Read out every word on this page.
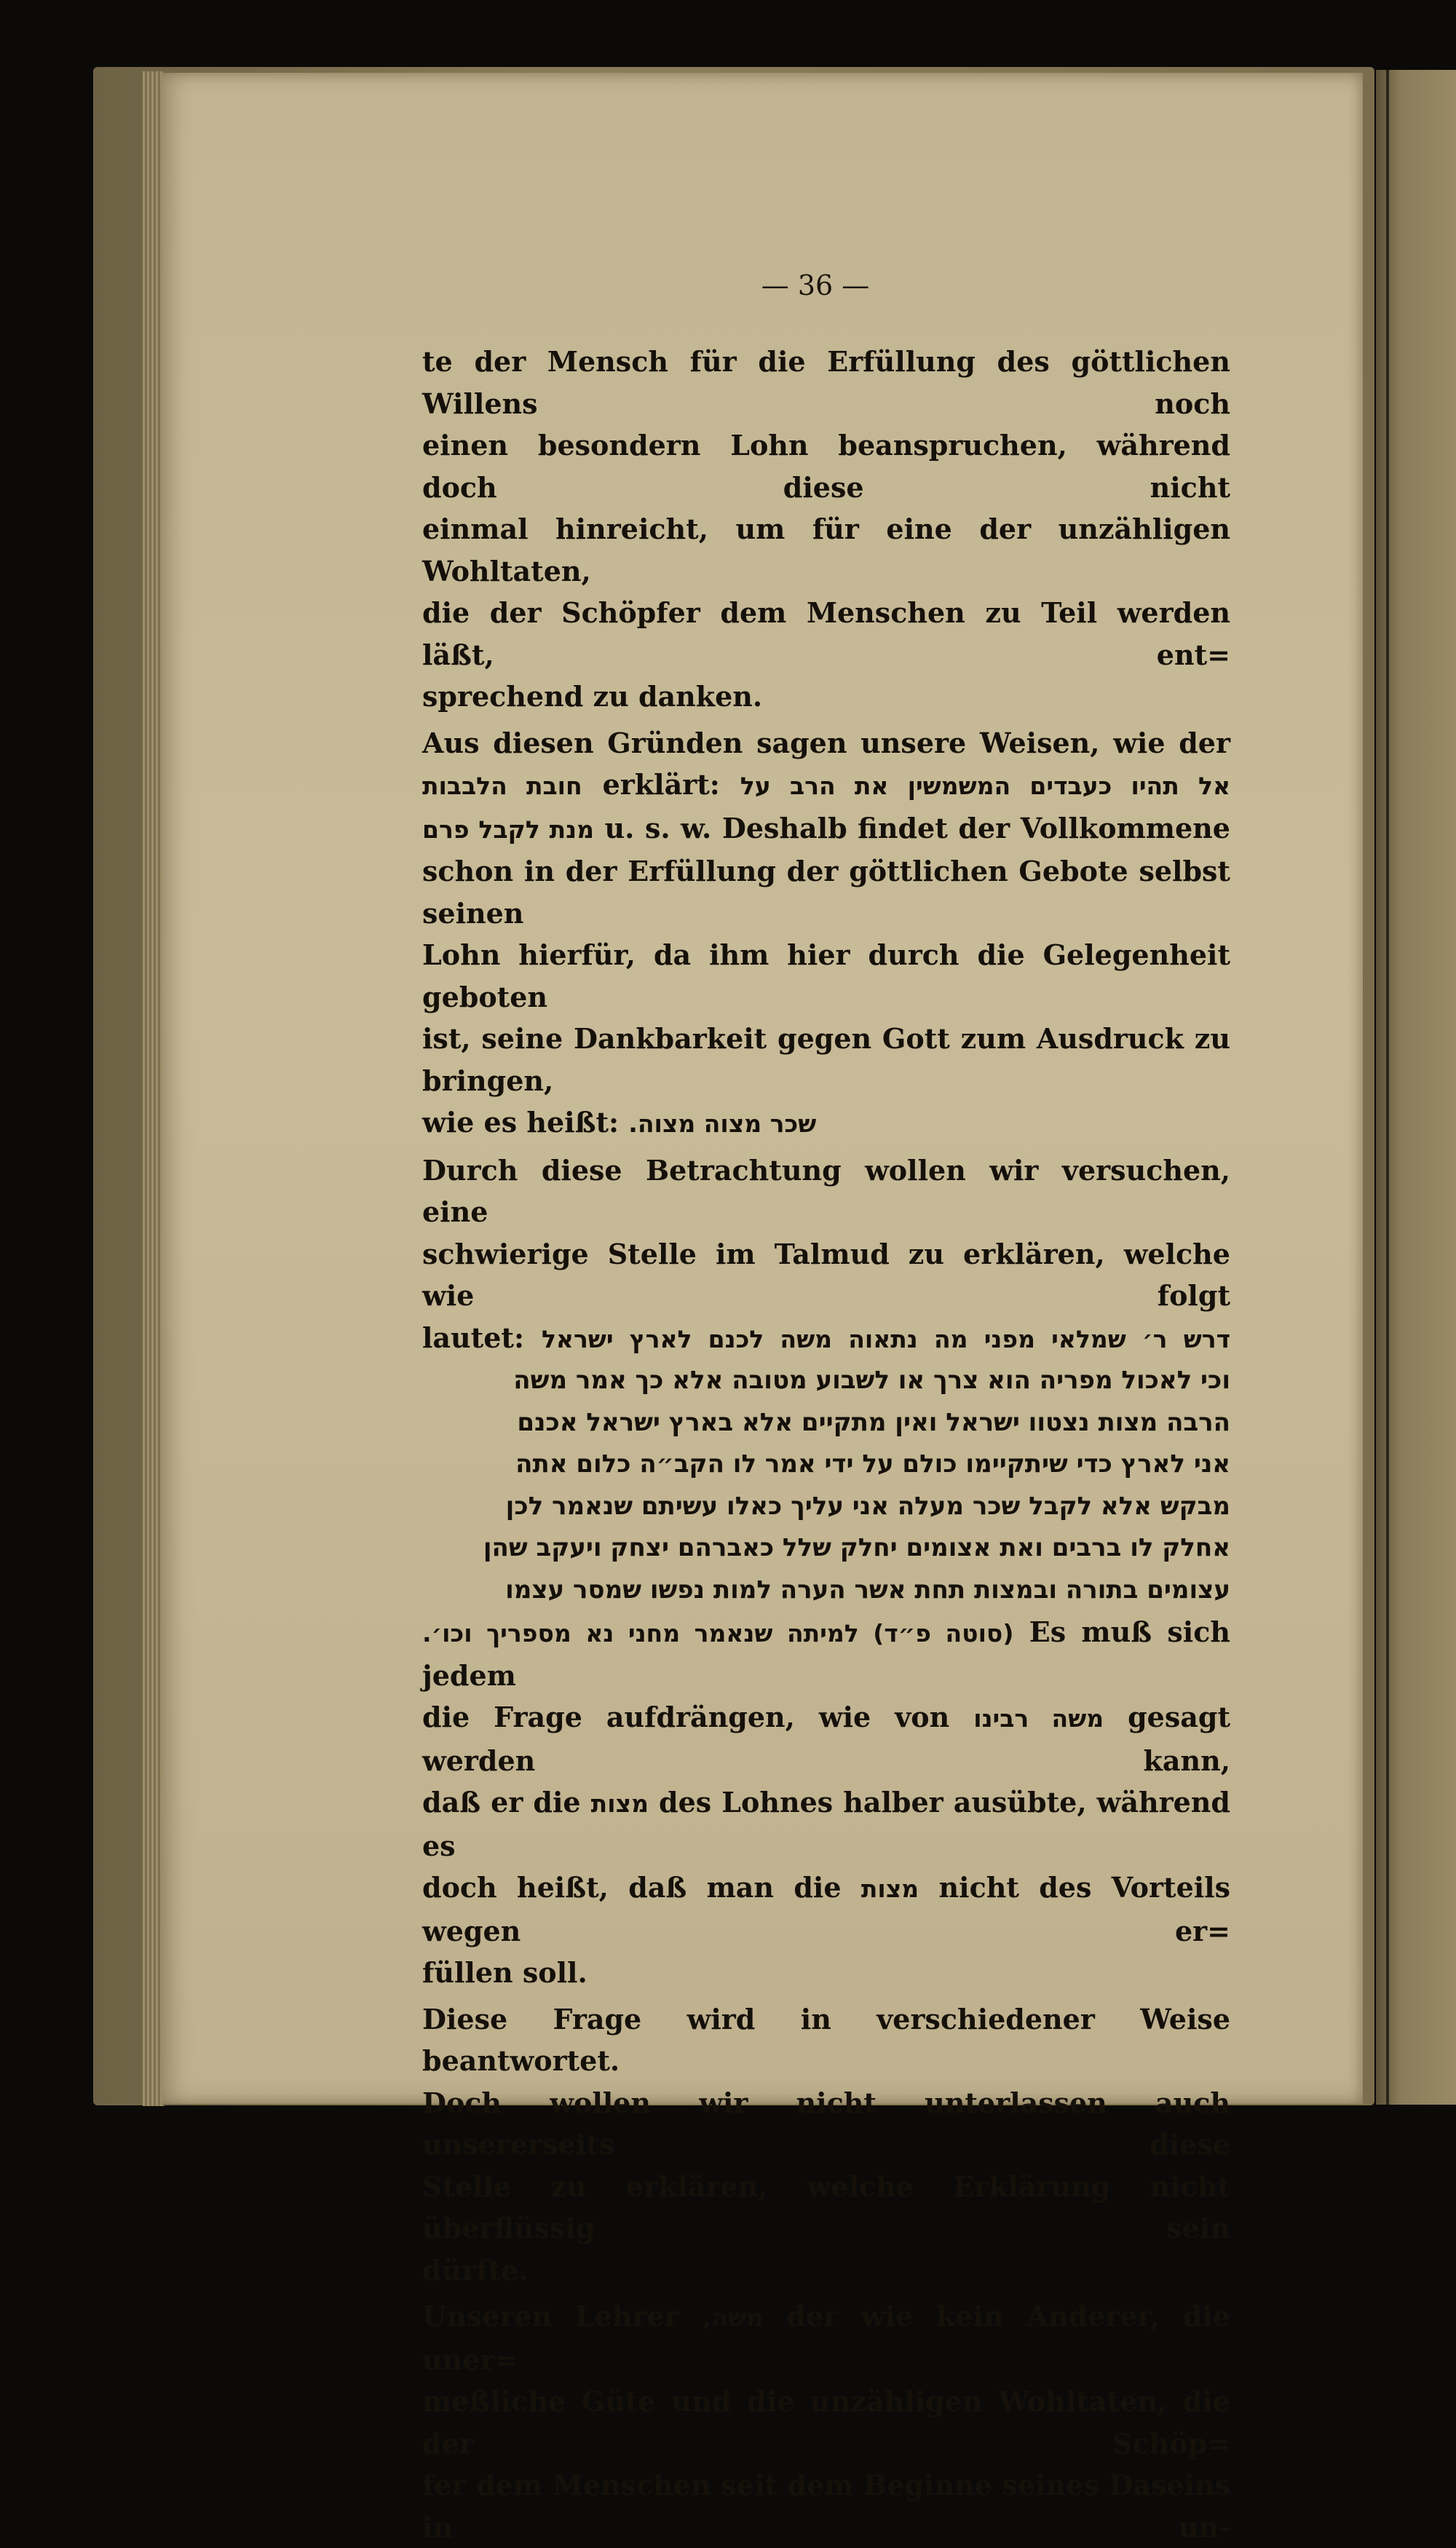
— 36 —

te der Mensch für die Erfüllung des göttlichen Willens noch
einen besondern Lohn beanspruchen, während doch diese nicht
einmal hinreicht, um für eine der unzähligen Wohltaten,
die der Schöpfer dem Menschen zu Teil werden läßt, ent=
sprechend zu danken.

Aus diesen Gründen sagen unsere Weisen, wie der
חובת הלבבות erklärt: אל תהיו כעבדים המשמשין את הרב על
מנת לקבל פרם u. s. w. Deshalb findet der Vollkommene
schon in der Erfüllung der göttlichen Gebote selbst seinen
Lohn hierfür, da ihm hier durch die Gelegenheit geboten
ist, seine Dankbarkeit gegen Gott zum Ausdruck zu bringen,
wie es heißt: שכר מצוה מצוה.

Durch diese Betrachtung wollen wir versuchen, eine
schwierige Stelle im Talmud zu erklären, welche wie folgt
lautet: דרש ר׳ שמלאי מפני מה נתאוה משה לכנם לארץ ישראל
וכי לאכול מפריה הוא צרך או לשבוע מטובה אלא כך אמר משה
הרבה מצות נצטוו ישראל ואין מתקיים אלא בארץ ישראל אכנם
אני לארץ כדי שיתקיימו כולם על ידי אמר לו הקב״ה כלום אתה
מבקש אלא לקבל שכר מעלה אני עליך כאלו עשיתם שנאמר לכן
אחלק לו ברבים ואת אצומים יחלק שלל כאברהם יצחק ויעקב שהן
עצומים בתורה ובמצות תחת אשר הערה למות נפשו שמסר עצמו
(סוטה פ״ד) למיתה שנאמר מחני נא מספריך וכו׳. Es muß sich jedem
die Frage aufdrängen, wie von משה רבינו gesagt werden kann,
daß er die מצות des Lohnes halber ausübte, während es
doch heißt, daß man die מצות nicht des Vorteils wegen er=
füllen soll.

Diese Frage wird in verschiedener Weise beantwortet.
Doch wollen wir nicht unterlassen auch unsererseits diese
Stelle zu erklären, welche Erklärung nicht überflüssig sein
dürfte.

Unseren Lehrer משה, der wie kein Anderer, die uner=
meßliche Güte und die unzähligen Wohltaten, die der Schöp=
fer dem Menschen seit dem Beginne seines Daseins in un-
